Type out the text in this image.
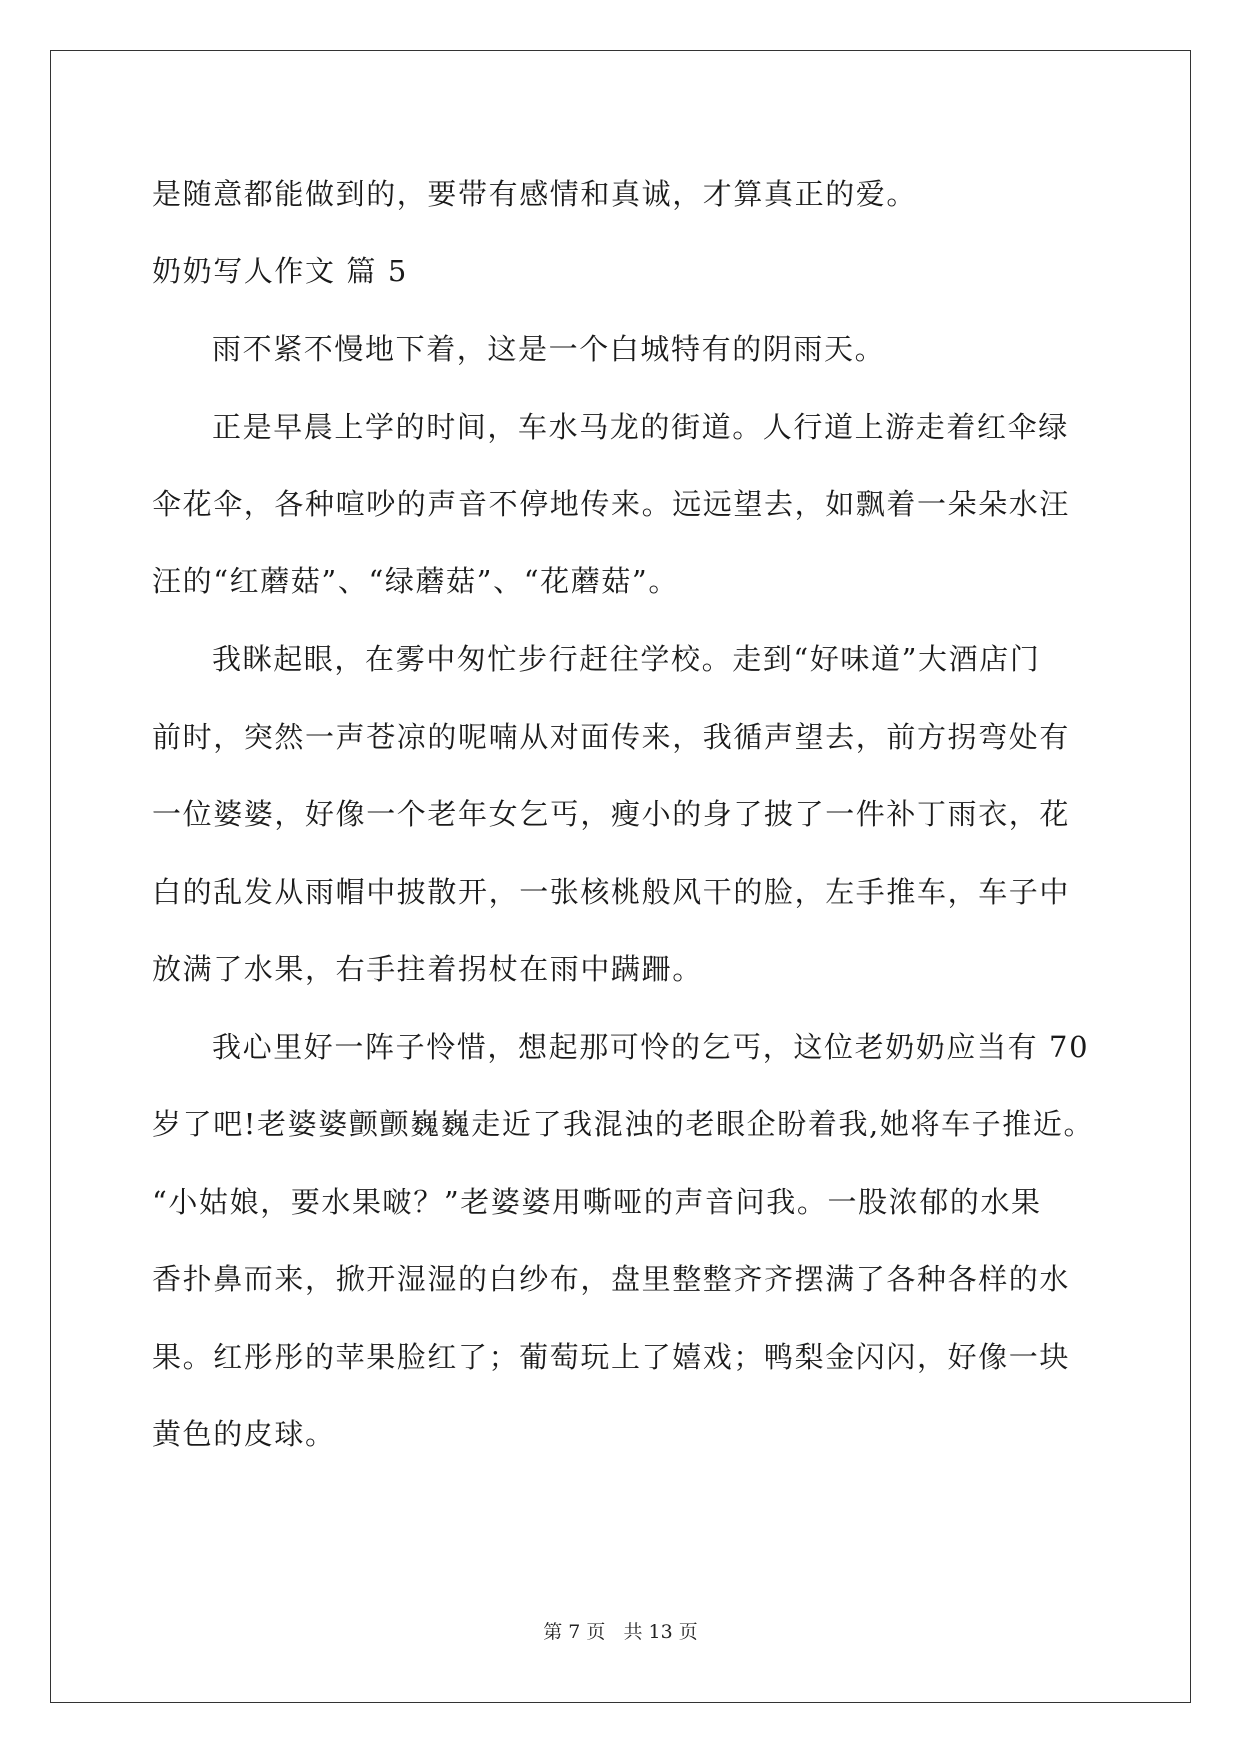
是随意都能做到的，要带有感情和真诚，才算真正的爱。
奶奶写人作文 篇 5
雨不紧不慢地下着，这是一个白城特有的阴雨天。
正是早晨上学的时间，车水马龙的街道。人行道上游走着红伞绿
伞花伞，各种喧吵的声音不停地传来。远远望去，如飘着一朵朵水汪
汪的“红蘑菇”、“绿蘑菇”、“花蘑菇”。
我眯起眼，在雾中匆忙步行赶往学校。走到“好味道”大酒店门
前时，突然一声苍凉的呢喃从对面传来，我循声望去，前方拐弯处有
一位婆婆，好像一个老年女乞丐，瘦小的身了披了一件补丁雨衣，花
白的乱发从雨帽中披散开，一张核桃般风干的脸，左手推车，车子中
放满了水果，右手拄着拐杖在雨中蹒跚。
我心里好一阵子怜惜，想起那可怜的乞丐，这位老奶奶应当有 70
岁了吧!老婆婆颤颤巍巍走近了我混浊的老眼企盼着我,她将车子推近。
“小姑娘，要水果啵？”老婆婆用嘶哑的声音问我。一股浓郁的水果
香扑鼻而来，掀开湿湿的白纱布，盘里整整齐齐摆满了各种各样的水
果。红彤彤的苹果脸红了；葡萄玩上了嬉戏；鸭梨金闪闪，好像一块
黄色的皮球。
第 7 页 共 13 页
